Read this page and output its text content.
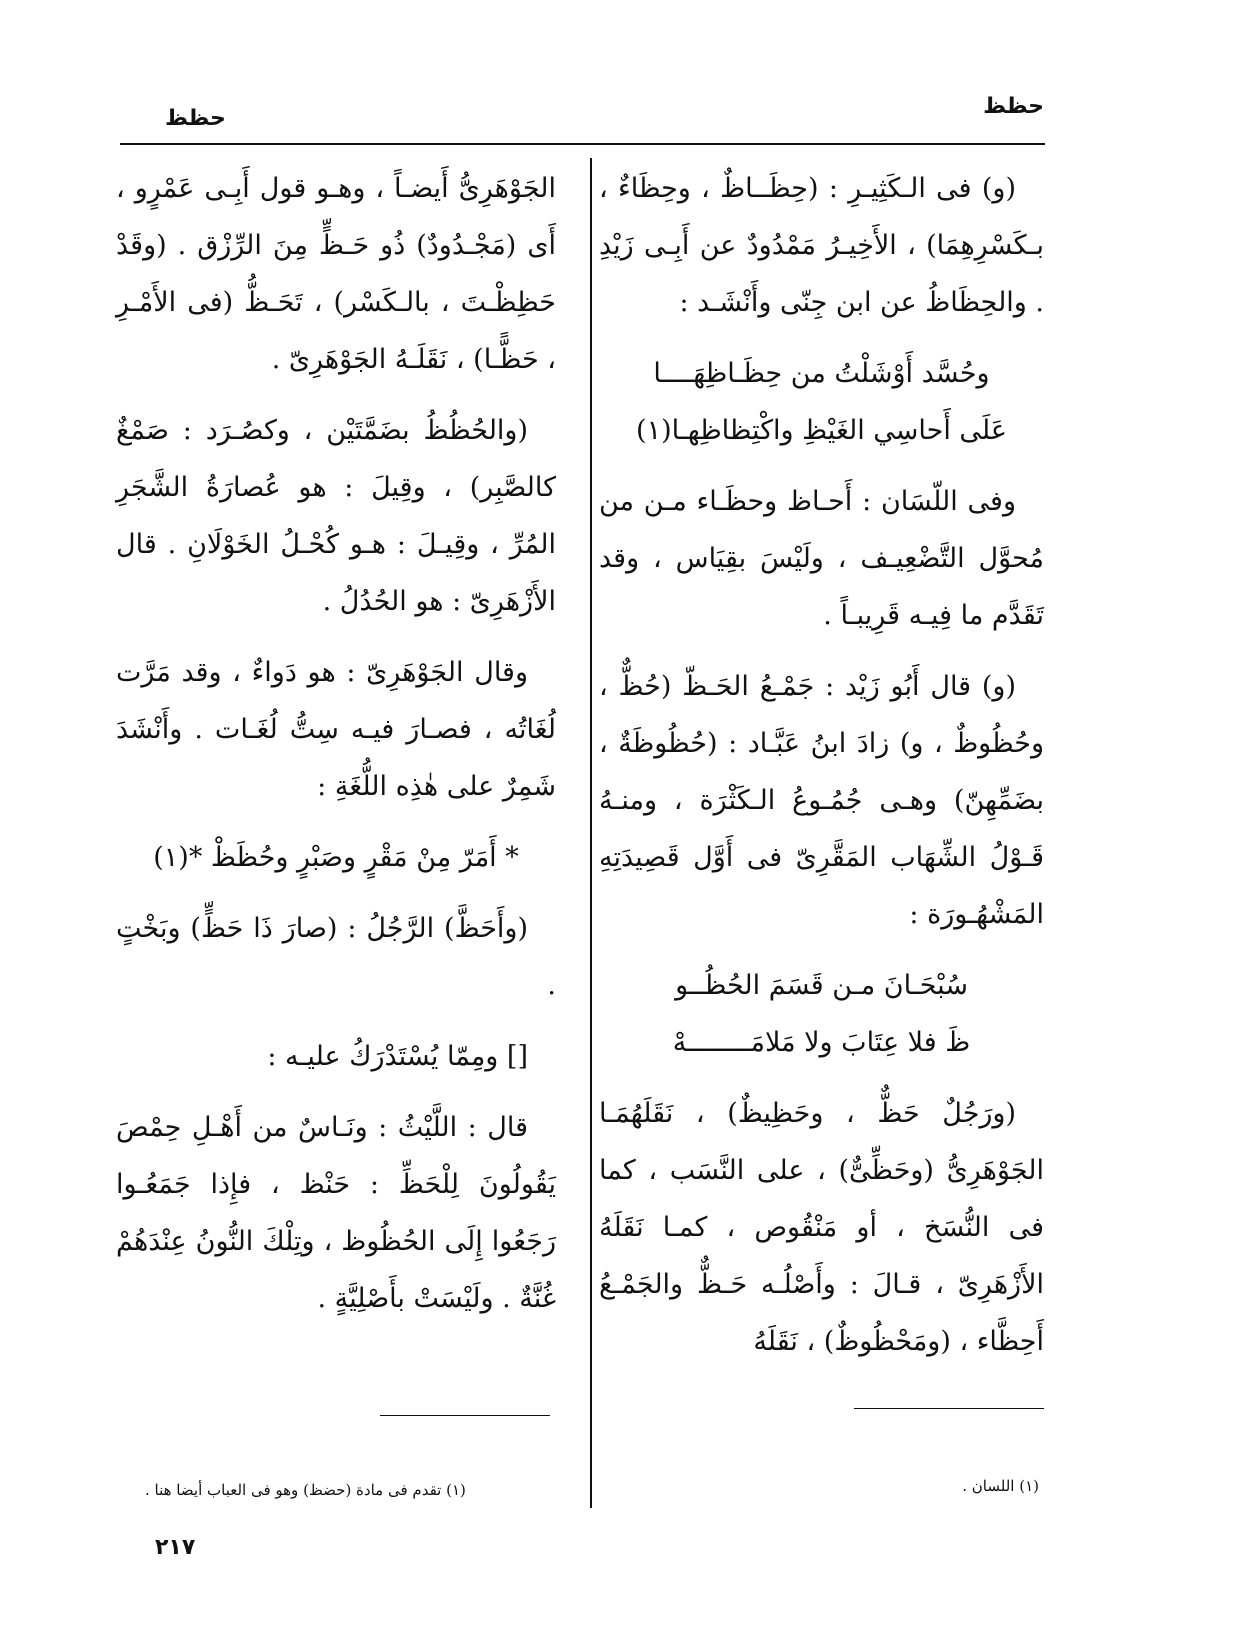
حظظ
حظظ

(و) فى الـكَثِيـرِ : (حِظَــاظٌ ، وحِظَاءٌ ، بـكَسْرِهِمَا) ، الأَخِيـرُ مَمْدُودٌ عن أَبِـى زَيْدِ . والحِظَاظُ عن ابن جِنّى وأَنْشَـد :

وحُسَّد أَوْشَلْتُ من حِظَـاظِهَــــا
عَلَى أَحاسِي الغَيْظِ واكْتِظاظِهـا(١)

وفى اللّسَان : أَحـاظ وحظَـاء مـن من مُحوَّل التَّضْعِيـف ، ولَيْسَ بقِيَاس ، وقد تَقَدَّم ما فِيـه قَرِيبـاً .

(و) قال أَبُو زَيْد : جَمْـعُ الحَـظّ (حُظٌّ ، وحُظُوظٌ ، و) زادَ ابنُ عَبَّـاد : (حُظُوظَةٌ ، بضَمِّهِنّ) وهـى جُمُـوعُ الـكَثْرَة ، ومنـهُ قَـوْلُ الشِّهَاب المَقَّرِىّ فى أَوَّل قَصِيدَتِهِ المَشْهُـورَة :

سُبْحَـانَ مـن قَسَمَ الحُظُــو
ظَ فلا عِتَابَ ولا مَلامَــــــــهْ

(ورَجُلٌ حَظٌّ ، وحَظِيظٌ) ، نَقَلَهُمَـا الجَوْهَرِىُّ (وحَظِّىٌّ) ، على النَّسَب ، كما فى النُّسَخ ، أو مَنْقُوص ، كمـا نَقَلَهُ الأَزْهَرِىّ ، قـالَ : وأَصْلُـه حَـظٌّ والجَمْـعُ أَحِظَّاء ، (ومَحْظُوظٌ) ، نَقَلَهُ

الجَوْهَرِىُّ أَيضـاً ، وهـو قول أَبِـى عَمْرٍو ، أَى (مَجْـدُودٌ) ذُو حَـظٍّ مِنَ الرِّزْق . (وقَدْ حَظِظْـتَ ، بالـكَسْر) ، تَحَـظُّ (فى الأَمْـرِ ، حَظًّـا) ، نَقَلَـهُ الجَوْهَرِىّ .

(والحُظُظُ بضَمَّتَيْن ، وكصُـرَد : صَمْغٌ كالصَّبِر) ، وقِيلَ : هو عُصارَةُ الشَّجَرِ المُرِّ ، وقِيـلَ : هـو كُحْـلُ الخَوْلَانِ . قال الأَزْهَرِىّ : هو الحُدُلُ .

وقال الجَوْهَرِىّ : هو دَواءٌ ، وقد مَرَّت لُغَاتُه ، فصـارَ فيـه سِتُّ لُغَـات . وأَنْشَدَ شَمِرٌ على هٰذِه اللُّغَةِ :

* أَمَرّ مِنْ مَقْرٍ وصَبْرٍ وحُظَظْ *(١)

(وأَحَظَّ) الرَّجُلُ : (صارَ ذَا حَظٍّ) وبَخْتٍ .

[] ومِمّا يُسْتَدْرَكُ عليـه :

قال : اللَّيْثُ : ونَـاسٌ من أَهْـلِ حِمْصَ يَقُولُونَ لِلْحَظِّ : حَنْظ ، فإِذا جَمَعُـوا رَجَعُوا إِلَى الحُظُوظ ، وتِلْكَ النُّونُ عِنْدَهُمْ غُنَّةٌ . ولَيْسَتْ بأَصْلِيَّةٍ .

(١) اللسان .
(١) تقدم فى مادة (حضظ) وهو فى العباب أيضا هنا .
٢١٧
